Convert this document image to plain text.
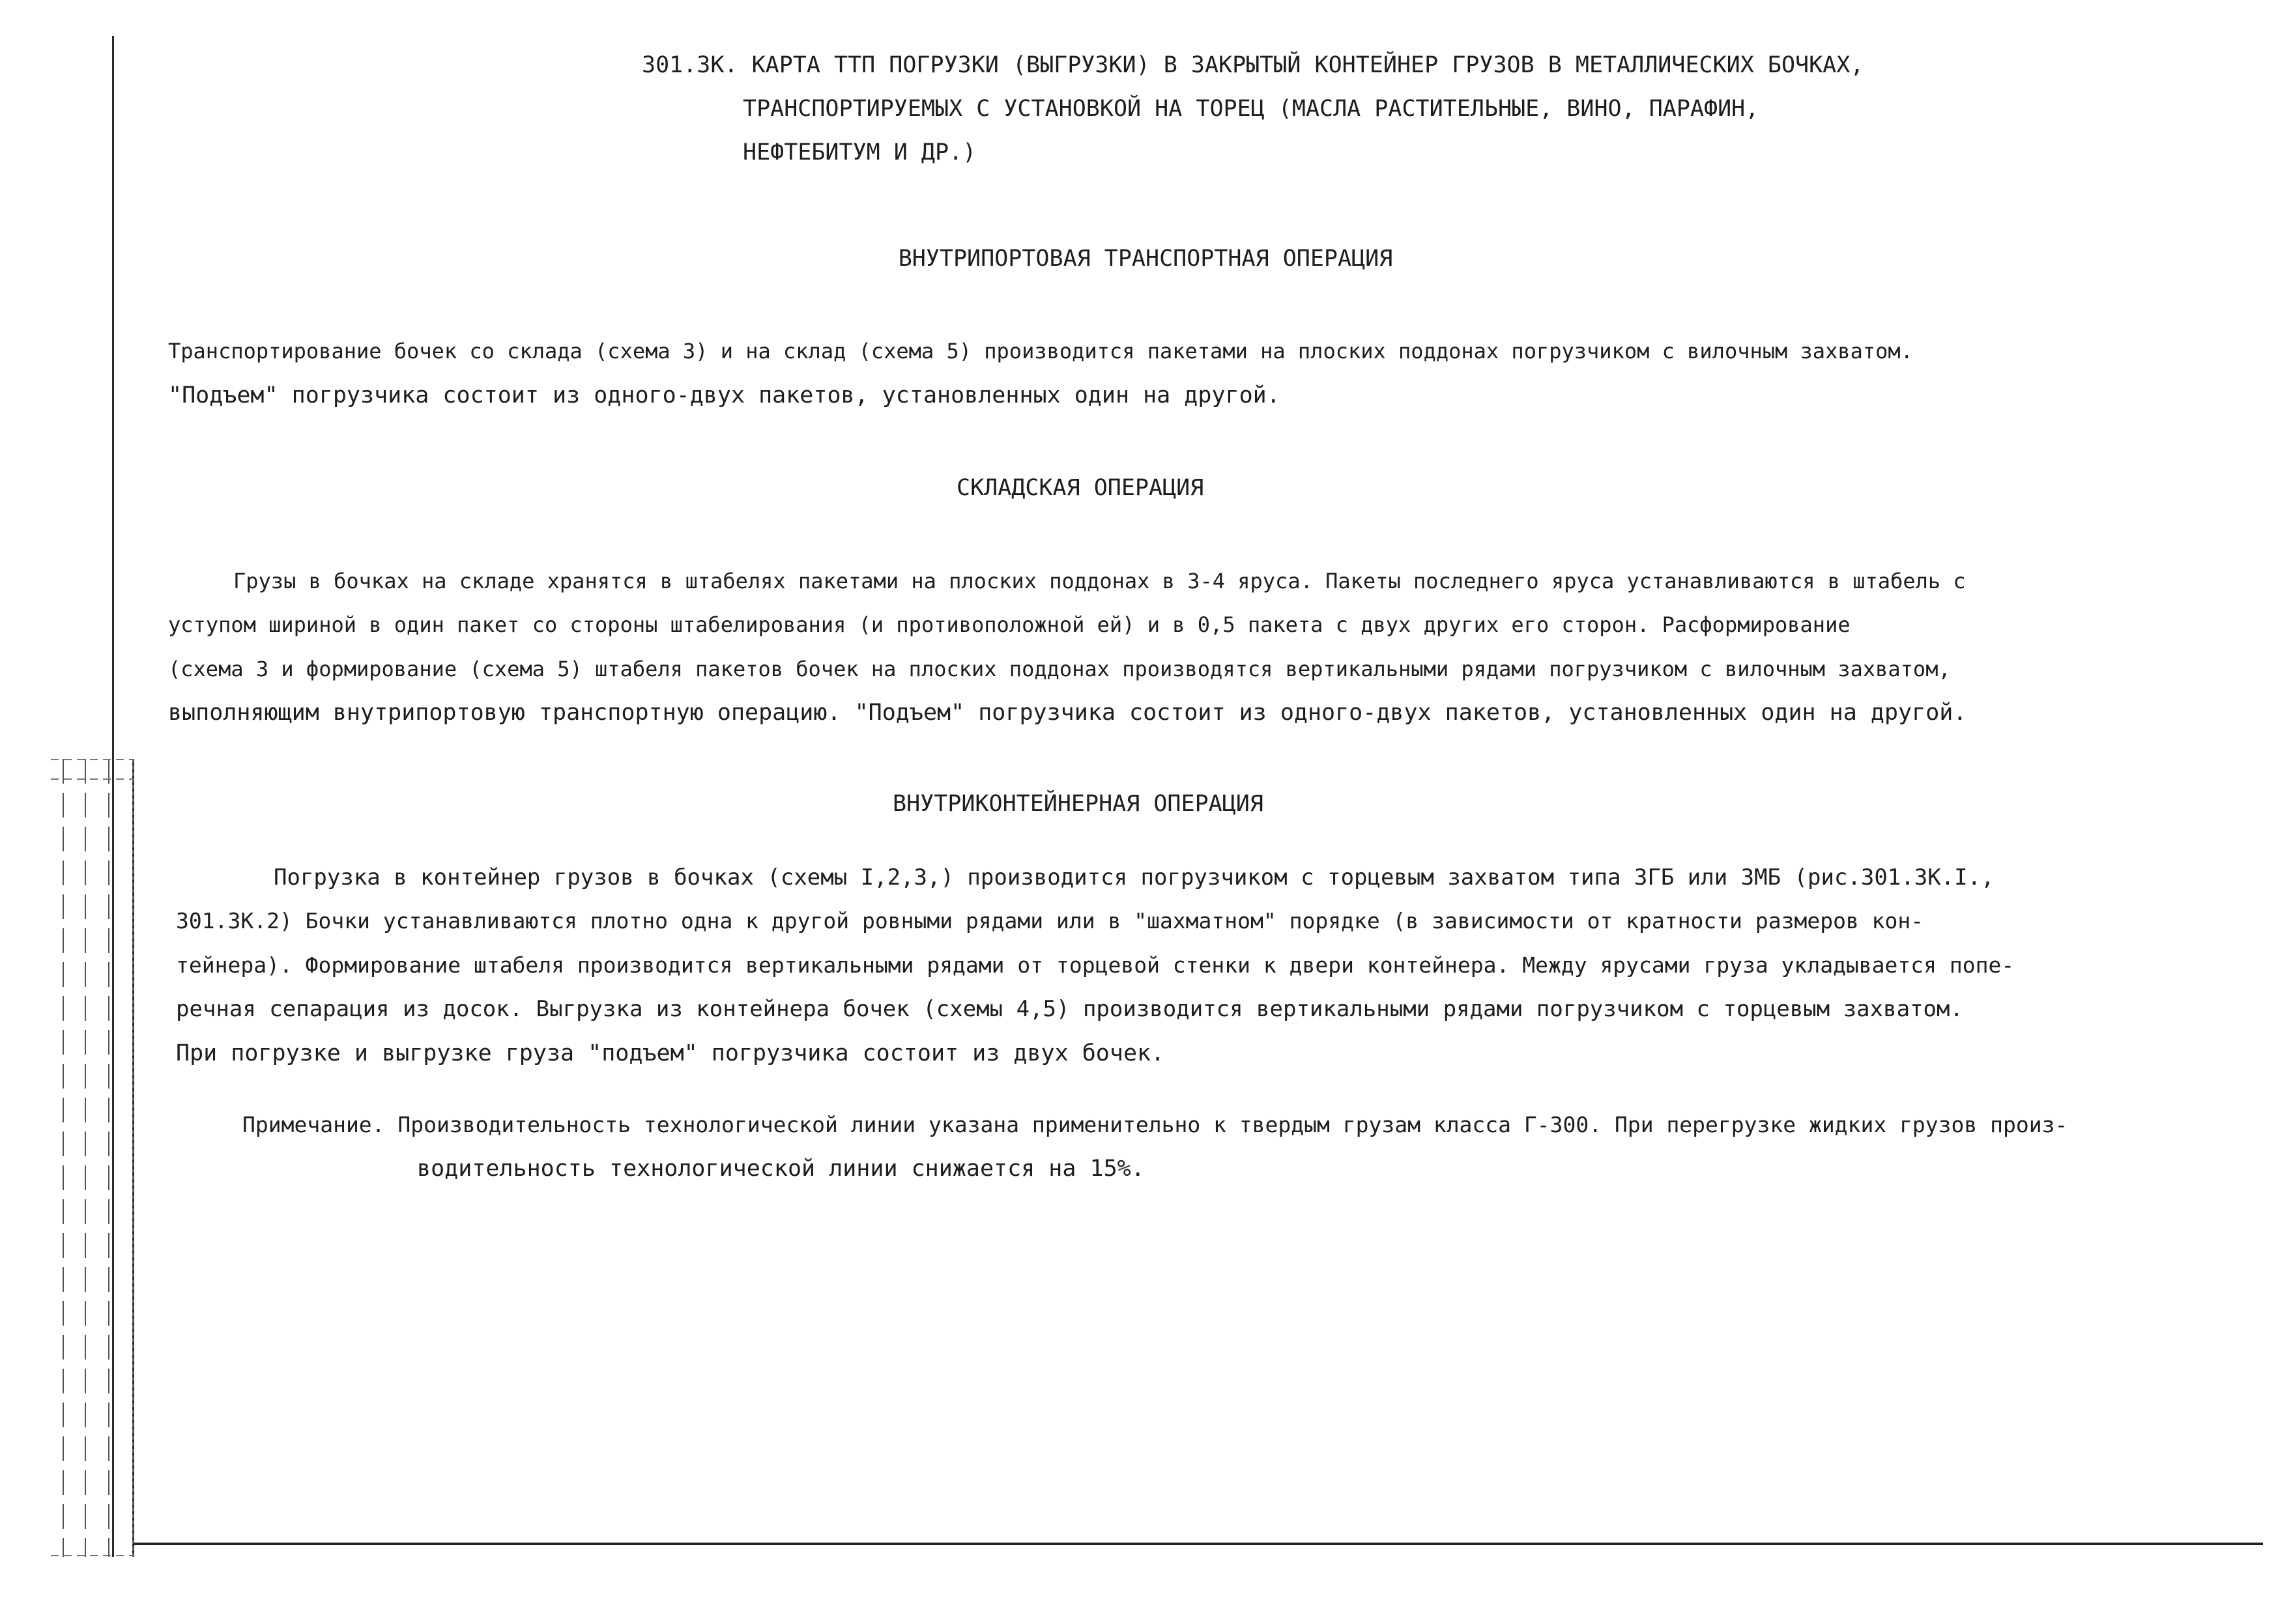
301.ЗК. КАРТА ТТП ПОГРУЗКИ (ВЫГРУЗКИ) В ЗАКРЫТЫЙ КОНТЕЙНЕР ГРУЗОВ В МЕТАЛЛИЧЕСКИХ БОЧКАХ,

ТРАНСПОРТИРУЕМЫХ С УСТАНОВКОЙ НА ТОРЕЦ (МАСЛА РАСТИТЕЛЬНЫЕ, ВИНО, ПАРАФИН,

НЕФТЕБИТУМ И ДР.)

ВНУТРИПОРТОВАЯ ТРАНСПОРТНАЯ ОПЕРАЦИЯ

Транспортирование бочек со склада (схема 3) и на склад (схема 5) производится пакетами на плоских поддонах погрузчиком с вилочным захватом.

"Подъем" погрузчика состоит из одного-двух пакетов, установленных один на другой.

СКЛАДСКАЯ ОПЕРАЦИЯ

Грузы в бочках на складе хранятся в штабелях пакетами на плоских поддонах в 3-4 яруса. Пакеты последнего яруса устанавливаются в штабель с

уступом шириной в один пакет со стороны штабелирования (и противоположной ей) и в 0,5 пакета с двух других его сторон. Расформирование

(схема 3 и формирование (схема 5) штабеля пакетов бочек на плоских поддонах производятся вертикальными рядами погрузчиком с вилочным захватом,

выполняющим внутрипортовую транспортную операцию. "Подъем" погрузчика состоит из одного-двух пакетов, установленных один на другой.

ВНУТРИКОНТЕЙНЕРНАЯ ОПЕРАЦИЯ

Погрузка в контейнер грузов в бочках (схемы I,2,3,) производится погрузчиком с торцевым захватом типа ЗГБ или ЗМБ (рис.301.ЗК.I.,

301.ЗК.2) Бочки устанавливаются плотно одна к другой ровными рядами или в "шахматном" порядке (в зависимости от кратности размеров кон-

тейнера). Формирование штабеля производится вертикальными рядами от торцевой стенки к двери контейнера. Между ярусами груза укладывается попе-

речная сепарация из досок. Выгрузка из контейнера бочек (схемы 4,5) производится вертикальными рядами погрузчиком с торцевым захватом.

При погрузке и выгрузке груза "подъем" погрузчика состоит из двух бочек.

Примечание. Производительность технологической линии указана применительно к твердым грузам класса Г-300. При перегрузке жидких грузов произ-

водительность технологической линии снижается на 15%.
